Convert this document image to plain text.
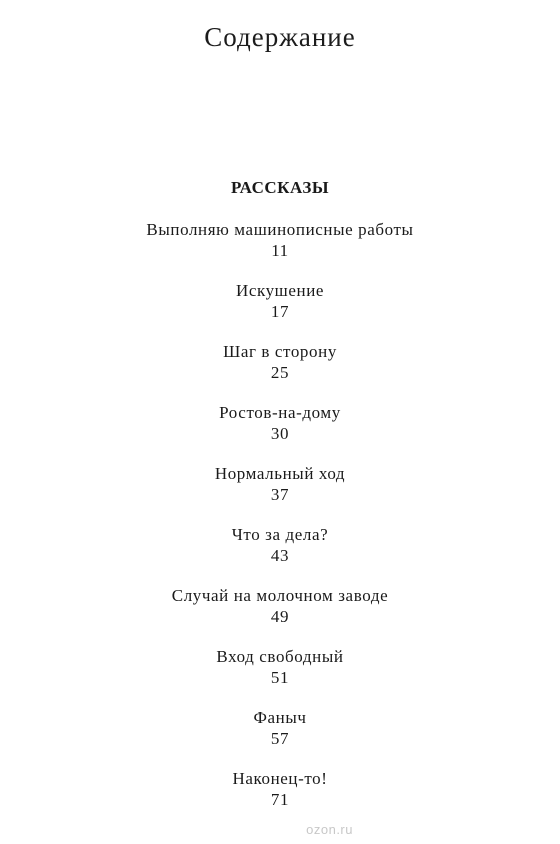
Содержание
РАССКАЗЫ
Выполняю машинописные работы
11
Искушение
17
Шаг в сторону
25
Ростов-на-дому
30
Нормальный ход
37
Что за дела?
43
Случай на молочном заводе
49
Вход свободный
51
Фаныч
57
Наконец-то!
71
ozon.ru
